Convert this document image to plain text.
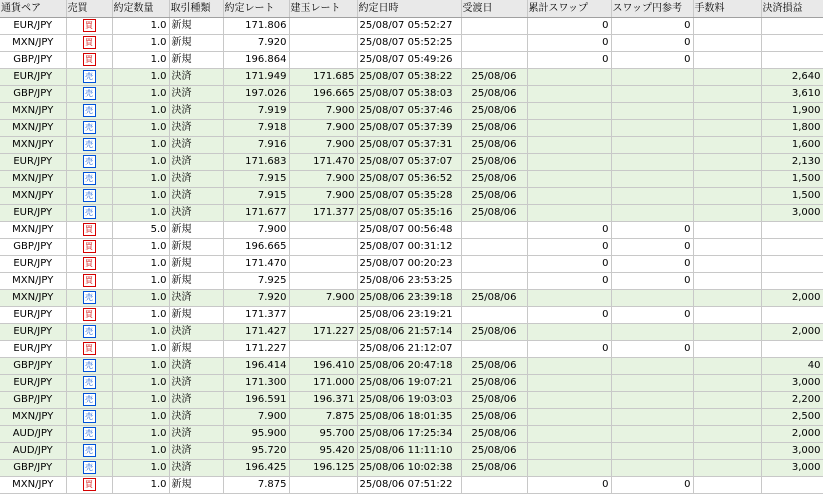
通貨ペア	売買	約定数量	取引種類	約定レート	建玉レート	約定日時	受渡日	累計スワップ	スワップ円参考	手数料	決済損益
EUR/JPY	買	1.0	新規	171.806		25/08/07 05:52:27		0	0		
MXN/JPY	買	1.0	新規	7.920		25/08/07 05:52:25		0	0		
GBP/JPY	買	1.0	新規	196.864		25/08/07 05:49:26		0	0		
EUR/JPY	売	1.0	決済	171.949	171.685	25/08/07 05:38:22	25/08/06				2,640
GBP/JPY	売	1.0	決済	197.026	196.665	25/08/07 05:38:03	25/08/06				3,610
MXN/JPY	売	1.0	決済	7.919	7.900	25/08/07 05:37:46	25/08/06				1,900
MXN/JPY	売	1.0	決済	7.918	7.900	25/08/07 05:37:39	25/08/06				1,800
MXN/JPY	売	1.0	決済	7.916	7.900	25/08/07 05:37:31	25/08/06				1,600
EUR/JPY	売	1.0	決済	171.683	171.470	25/08/07 05:37:07	25/08/06				2,130
MXN/JPY	売	1.0	決済	7.915	7.900	25/08/07 05:36:52	25/08/06				1,500
MXN/JPY	売	1.0	決済	7.915	7.900	25/08/07 05:35:28	25/08/06				1,500
EUR/JPY	売	1.0	決済	171.677	171.377	25/08/07 05:35:16	25/08/06				3,000
MXN/JPY	買	5.0	新規	7.900		25/08/07 00:56:48		0	0		
GBP/JPY	買	1.0	新規	196.665		25/08/07 00:31:12		0	0		
EUR/JPY	買	1.0	新規	171.470		25/08/07 00:20:23		0	0		
MXN/JPY	買	1.0	新規	7.925		25/08/06 23:53:25		0	0		
MXN/JPY	売	1.0	決済	7.920	7.900	25/08/06 23:39:18	25/08/06				2,000
EUR/JPY	買	1.0	新規	171.377		25/08/06 23:19:21		0	0		
EUR/JPY	売	1.0	決済	171.427	171.227	25/08/06 21:57:14	25/08/06				2,000
EUR/JPY	買	1.0	新規	171.227		25/08/06 21:12:07		0	0		
GBP/JPY	売	1.0	決済	196.414	196.410	25/08/06 20:47:18	25/08/06				40
EUR/JPY	売	1.0	決済	171.300	171.000	25/08/06 19:07:21	25/08/06				3,000
GBP/JPY	売	1.0	決済	196.591	196.371	25/08/06 19:03:03	25/08/06				2,200
MXN/JPY	売	1.0	決済	7.900	7.875	25/08/06 18:01:35	25/08/06				2,500
AUD/JPY	売	1.0	決済	95.900	95.700	25/08/06 17:25:34	25/08/06				2,000
AUD/JPY	売	1.0	決済	95.720	95.420	25/08/06 11:11:10	25/08/06				3,000
GBP/JPY	売	1.0	決済	196.425	196.125	25/08/06 10:02:38	25/08/06				3,000
MXN/JPY	買	1.0	新規	7.875		25/08/06 07:51:22		0	0		
